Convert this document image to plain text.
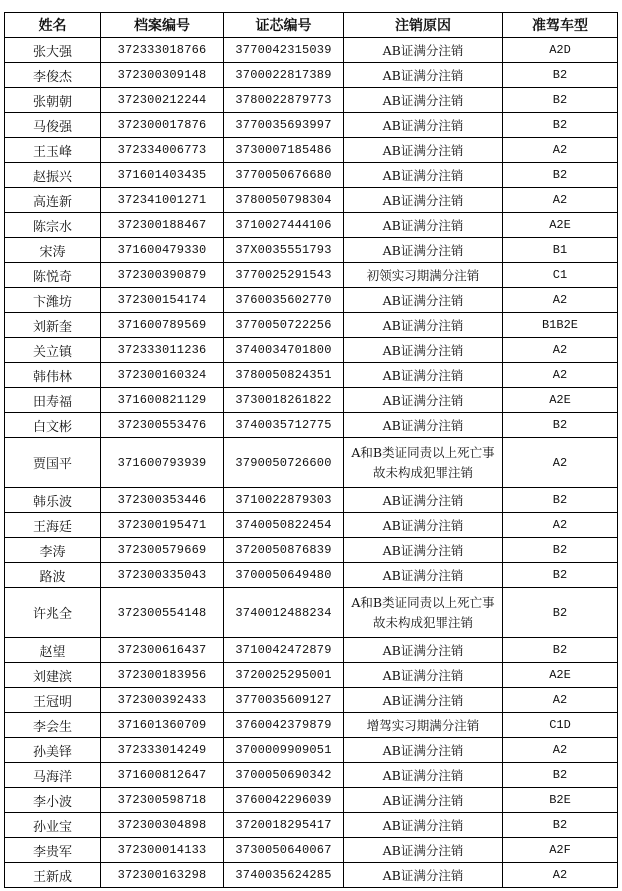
姓名	档案编号	证芯编号	注销原因	准驾车型
张大强	372333018766	3770042315039	AB证满分注销	A2D
李俊杰	372300309148	3700022817389	AB证满分注销	B2
张朝朝	372300212244	3780022879773	AB证满分注销	B2
马俊强	372300017876	3770035693997	AB证满分注销	B2
王玉峰	372334006773	3730007185486	AB证满分注销	A2
赵振兴	371601403435	3770050676680	AB证满分注销	B2
高连新	372341001271	3780050798304	AB证满分注销	A2
陈宗水	372300188467	3710027444106	AB证满分注销	A2E
宋涛	371600479330	37X0035551793	AB证满分注销	B1
陈悦奇	372300390879	3770025291543	初领实习期满分注销	C1
卞潍坊	372300154174	3760035602770	AB证满分注销	A2
刘新奎	371600789569	3770050722256	AB证满分注销	B1B2E
关立镇	372333011236	3740034701800	AB证满分注销	A2
韩伟林	372300160324	3780050824351	AB证满分注销	A2
田寿福	371600821129	3730018261822	AB证满分注销	A2E
白文彬	372300553476	3740035712775	AB证满分注销	B2
贾国平	371600793939	3790050726600	A和B类证同责以上死亡事故未构成犯罪注销	A2
韩乐波	372300353446	3710022879303	AB证满分注销	B2
王海廷	372300195471	3740050822454	AB证满分注销	A2
李涛	372300579669	3720050876839	AB证满分注销	B2
路波	372300335043	3700050649480	AB证满分注销	B2
许兆全	372300554148	3740012488234	A和B类证同责以上死亡事故未构成犯罪注销	B2
赵望	372300616437	3710042472879	AB证满分注销	B2
刘建滨	372300183956	3720025295001	AB证满分注销	A2E
王冠明	372300392433	3770035609127	AB证满分注销	A2
李会生	371601360709	3760042379879	增驾实习期满分注销	C1D
孙美铎	372333014249	3700009909051	AB证满分注销	A2
马海洋	371600812647	3700050690342	AB证满分注销	B2
李小波	372300598718	3760042296039	AB证满分注销	B2E
孙业宝	372300304898	3720018295417	AB证满分注销	B2
李贵军	372300014133	3730050640067	AB证满分注销	A2F
王新成	372300163298	3740035624285	AB证满分注销	A2
